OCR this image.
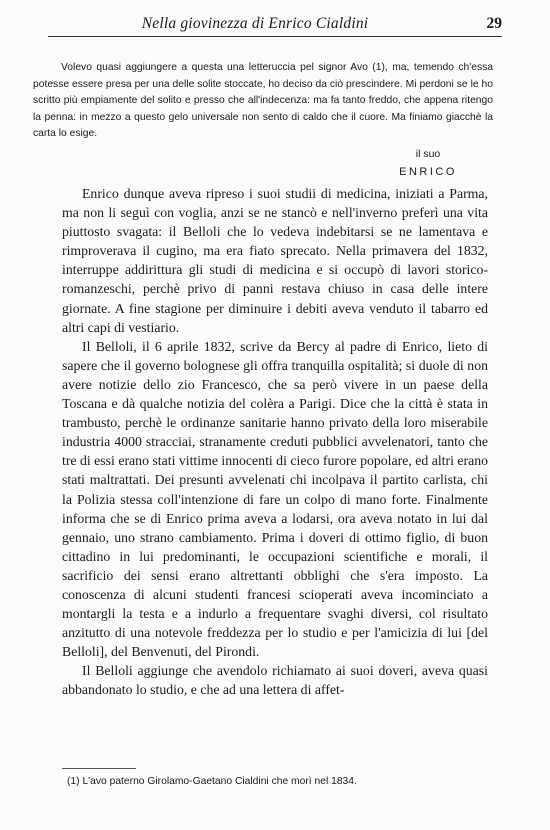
Nella giovinezza di Enrico Cialdini	29

Volevo quasi aggiungere a questa una letteruccia pel signor Avo (1), ma, temendo ch'essa potesse essere presa per una delle solite stoccate, ho deciso da ciò prescindere. Mi perdoni se le ho scritto più empiamente del solito e presso che all'indecenza: ma fa tanto freddo, che appena ritengo la penna: in mezzo a questo gelo universale non sento di caldo che il cuore. Ma finiamo giacchè la carta lo esige.

il suo
ENRICO

Enrico dunque aveva ripreso i suoi studii di medicina, iniziati a Parma, ma non li seguì con voglia, anzi se ne stancò e nell'inverno preferì una vita piuttosto svagata: il Belloli che lo vedeva indebitarsi se ne lamentava e rimproverava il cugino, ma era fiato sprecato. Nella primavera del 1832, interruppe addirittura gli studi di medicina e si occupò di lavori storico-romanzeschi, perchè privo di panni restava chiuso in casa delle intere giornate. A fine stagione per diminuire i debiti aveva venduto il tabarro ed altri capi di vestiario.

Il Belloli, il 6 aprile 1832, scrive da Bercy al padre di Enrico, lieto di sapere che il governo bolognese gli offra tranquilla ospitalità; si duole di non avere notizie dello zio Francesco, che sa però vivere in un paese della Toscana e dà qualche notizia del colèra a Parigi. Dice che la città è stata in trambusto, perchè le ordinanze sanitarie hanno privato della loro miserabile industria 4000 stracciai, stranamente creduti pubblici avvelenatori, tanto che tre di essi erano stati vittime innocenti di cieco furore popolare, ed altri erano stati maltrattati. Dei presunti avvelenati chi incolpava il partito carlista, chi la Polizia stessa coll'intenzione di fare un colpo di mano forte. Finalmente informa che se di Enrico prima aveva a lodarsi, ora aveva notato in lui dal gennaio, uno strano cambiamento. Prima i doveri di ottimo figlio, di buon cittadino in lui predominanti, le occupazioni scientifiche e morali, il sacrificio dei sensi erano altrettanti obblighi che s'era imposto. La conoscenza di alcuni studenti francesi scioperati aveva incominciato a montargli la testa e a indurlo a frequentare svaghi diversi, col risultato anzitutto di una notevole freddezza per lo studio e per l'amicizia di lui [del Belloli], del Benvenuti, del Pirondi.

Il Belloli aggiunge che avendolo richiamato ai suoi doveri, aveva quasi abbandonato lo studio, e che ad una lettera di affet-

(1) L'avo paterno Girolamo-Gaetano Cialdini che morì nel 1834.
